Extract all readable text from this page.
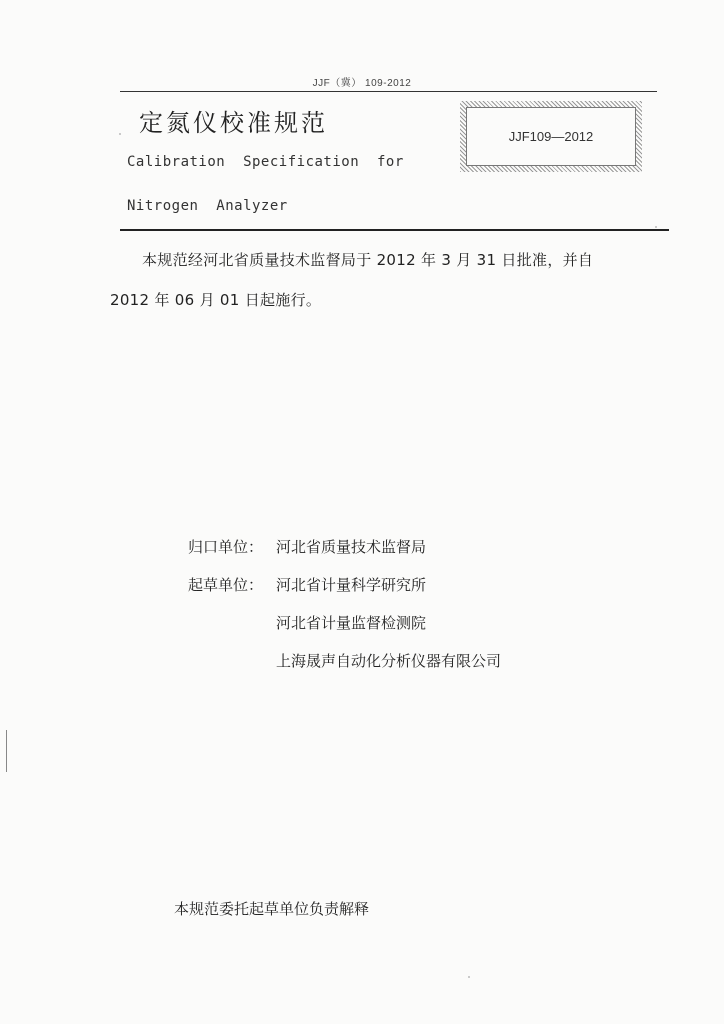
JJF（冀） 109-2012
定氮仪校准规范
Calibration  Specification  for
Nitrogen  Analyzer
JJF109—2012
本规范经河北省质量技术监督局于 2012 年 3 月 31 日批准，并自
2012 年 06 月 01 日起施行。
归口单位： 河北省质量技术监督局
起草单位： 河北省计量科学研究所
河北省计量监督检测院
上海晟声自动化分析仪器有限公司
本规范委托起草单位负责解释
